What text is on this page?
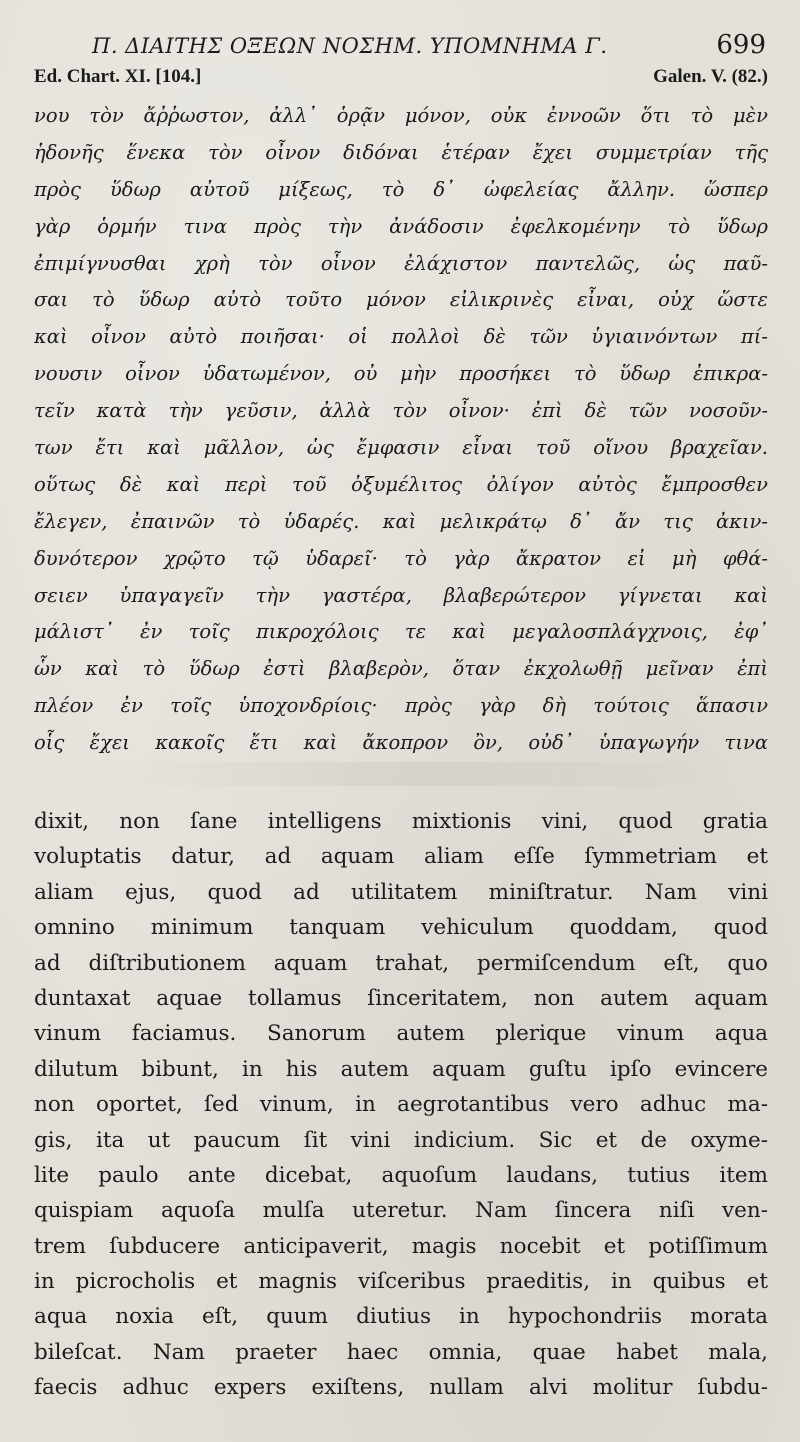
Π. ΔΙΑΙΤΗΣ ΟΞΕΩΝ ΝΟΣΗΜ. ΥΠΟΜΝΗΜΑ Γ.	699
Ed. Chart. XI. [104.]	Galen. V. (82.)
νου τὸν ἄῤῥωστον, ἀλλ᾽ ὁρᾷν μόνον, οὐκ ἐννοῶν ὅτι τὸ μὲν
ἡδονῆς ἕνεκα τὸν οἶνον διδόναι ἑτέραν ἔχει συμμετρίαν τῆς
πρὸς ὕδωρ αὐτοῦ μίξεως, τὸ δ᾽ ὠφελείας ἄλλην. ὥσπερ
γὰρ ὁρμήν τινα πρὸς τὴν ἀνάδοσιν ἐφελκομένην τὸ ὕδωρ
ἐπιμίγνυσθαι χρὴ τὸν οἶνον ἐλάχιστον παντελῶς, ὡς παῦ-
σαι τὸ ὕδωρ αὐτὸ τοῦτο μόνον εἰλικρινὲς εἶναι, οὐχ ὥστε
καὶ οἶνον αὐτὸ ποιῆσαι· οἱ πολλοὶ δὲ τῶν ὑγιαινόντων πί-
νουσιν οἶνον ὑδατωμένον, οὐ μὴν προσήκει τὸ ὕδωρ ἐπικρα-
τεῖν κατὰ τὴν γεῦσιν, ἀλλὰ τὸν οἶνον· ἐπὶ δὲ τῶν νοσοῦν-
των ἔτι καὶ μᾶλλον, ὡς ἔμφασιν εἶναι τοῦ οἴνου βραχεῖαν.
οὕτως δὲ καὶ περὶ τοῦ ὀξυμέλιτος ὀλίγον αὐτὸς ἔμπροσθεν
ἔλεγεν, ἐπαινῶν τὸ ὑδαρές. καὶ μελικράτῳ δ᾽ ἄν τις ἀκιν-
δυνότερον χρῷτο τῷ ὑδαρεῖ· τὸ γὰρ ἄκρατον εἰ μὴ φθά-
σειεν ὑπαγαγεῖν τὴν γαστέρα, βλαβερώτερον γίγνεται καὶ
μάλιστ᾽ ἐν τοῖς πικροχόλοις τε καὶ μεγαλοσπλάγχνοις, ἐφ᾽
ὧν καὶ τὸ ὕδωρ ἐστὶ βλαβερὸν, ὅταν ἐκχολωθῇ μεῖναν ἐπὶ
πλέον ἐν τοῖς ὑποχονδρίοις· πρὸς γὰρ δὴ τούτοις ἅπασιν
οἷς ἔχει κακοῖς ἔτι καὶ ἄκοπρον ὂν, οὐδ᾽ ὑπαγωγήν τινα
dixit, non ſane intelligens mixtionis vini, quod gratia
voluptatis datur, ad aquam aliam eſſe ſymmetriam et
aliam ejus, quod ad utilitatem miniſtratur. Nam vini
omnino minimum tanquam vehiculum quoddam, quod
ad diſtributionem aquam trahat, permiſcendum eſt, quo
duntaxat aquae tollamus ſinceritatem, non autem aquam
vinum faciamus. Sanorum autem plerique vinum aqua
dilutum bibunt, in his autem aquam guſtu ipſo evincere
non oportet, ſed vinum, in aegrotantibus vero adhuc ma-
gis, ita ut paucum ſit vini indicium. Sic et de oxyme-
lite paulo ante dicebat, aquoſum laudans, tutius item
quispiam aquoſa mulſa uteretur. Nam ſincera niſi ven-
trem ſubducere anticipaverit, magis nocebit et potiſſimum
in picrocholis et magnis viſceribus praeditis, in quibus et
aqua noxia eſt, quum diutius in hypochondriis morata
bileſcat. Nam praeter haec omnia, quae habet mala,
faecis adhuc expers exiſtens, nullam alvi molitur ſubdu-
